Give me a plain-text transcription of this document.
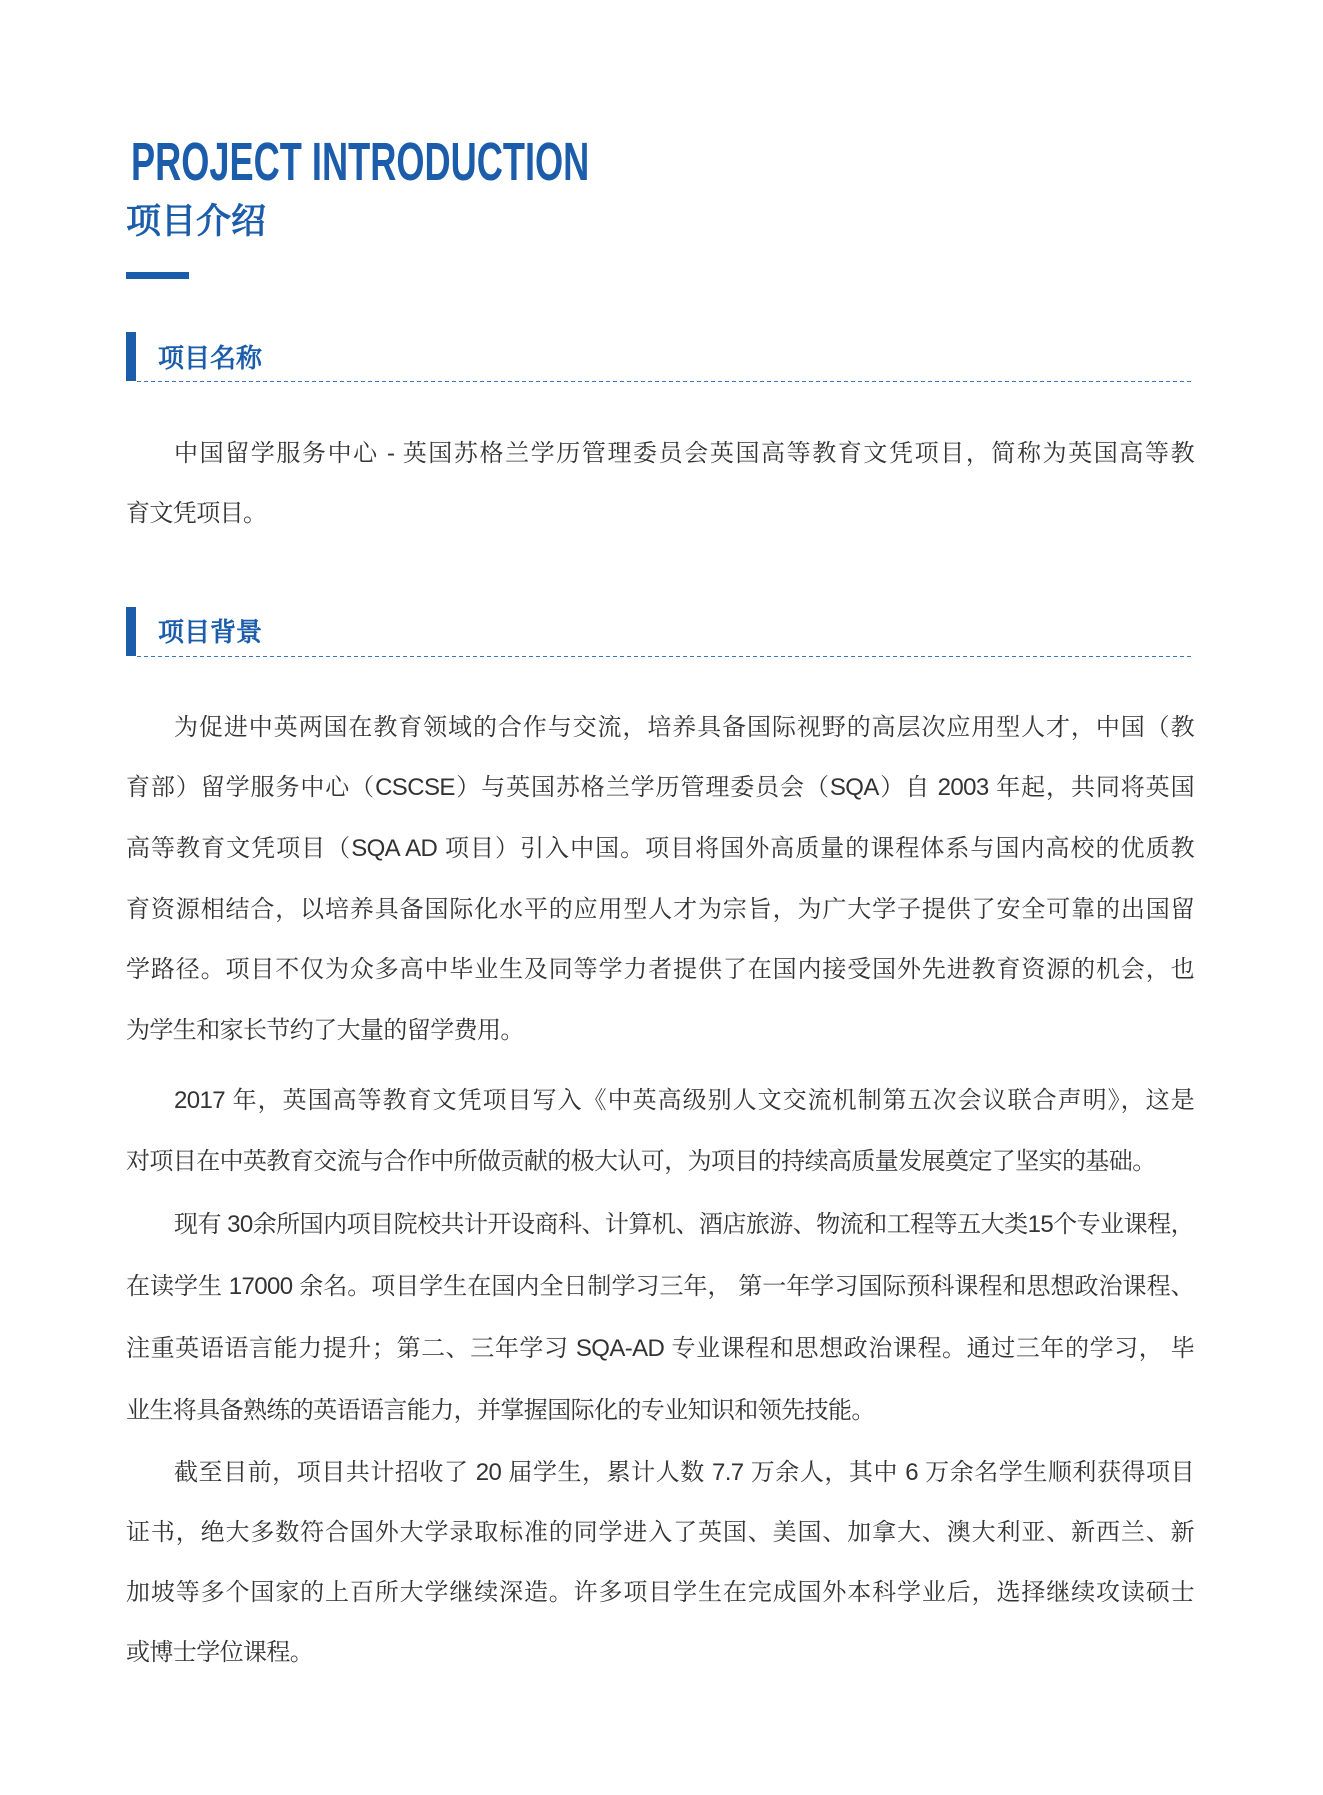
PROJECT INTRODUCTION
项目介绍
项目名称
中国留学服务中心 - 英国苏格兰学历管理委员会英国高等教育文凭项目，简称为英国高等教
育文凭项目。
项目背景
为促进中英两国在教育领域的合作与交流，培养具备国际视野的高层次应用型人才，中国（教
育部）留学服务中心（CSCSE）与英国苏格兰学历管理委员会（SQA）自 2003 年起，共同将英国
高等教育文凭项目（SQA AD 项目）引入中国。项目将国外高质量的课程体系与国内高校的优质教
育资源相结合，以培养具备国际化水平的应用型人才为宗旨，为广大学子提供了安全可靠的出国留
学路径。项目不仅为众多高中毕业生及同等学力者提供了在国内接受国外先进教育资源的机会，也
为学生和家长节约了大量的留学费用。
2017 年，英国高等教育文凭项目写入《中英高级别人文交流机制第五次会议联合声明》，这是
对项目在中英教育交流与合作中所做贡献的极大认可，为项目的持续高质量发展奠定了坚实的基础。
现有 30余所国内项目院校共计开设商科、计算机、酒店旅游、物流和工程等五大类15个专业课程，
在读学生 17000 余名。项目学生在国内全日制学习三年， 第一年学习国际预科课程和思想政治课程、
注重英语语言能力提升；第二、三年学习 SQA-AD 专业课程和思想政治课程。通过三年的学习， 毕
业生将具备熟练的英语语言能力，并掌握国际化的专业知识和领先技能。
截至目前，项目共计招收了 20 届学生，累计人数 7.7 万余人，其中 6 万余名学生顺利获得项目
证书，绝大多数符合国外大学录取标准的同学进入了英国、美国、加拿大、澳大利亚、新西兰、新
加坡等多个国家的上百所大学继续深造。许多项目学生在完成国外本科学业后，选择继续攻读硕士
或博士学位课程。
